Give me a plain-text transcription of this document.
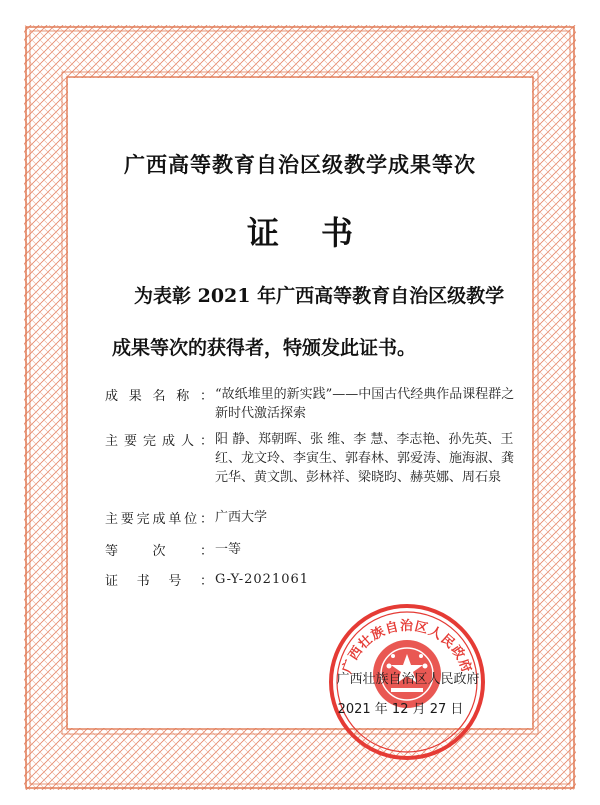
广西高等教育自治区级教学成果等次
证 书
为表彰 2021 年广西高等教育自治区级教学成果等次的获得者，特颁发此证书。
成果名称： “故纸堆里的新实践”——中国古代经典作品课程群之新时代激活探索
主要完成人： 阳 静、郑朝晖、张 维、李 慧、李志艳、孙先英、王 红、龙文玲、李寅生、郭春林、郭爱涛、施海淑、龚元华、黄文凯、彭林祥、梁晓昀、赫英娜、周石泉
主要完成单位： 广西大学
等次： 一等
证书号： G-Y-2021061
广西壮族自治区人民政府
广西壮族自治区人民政府
2021 年 12 月 27 日
